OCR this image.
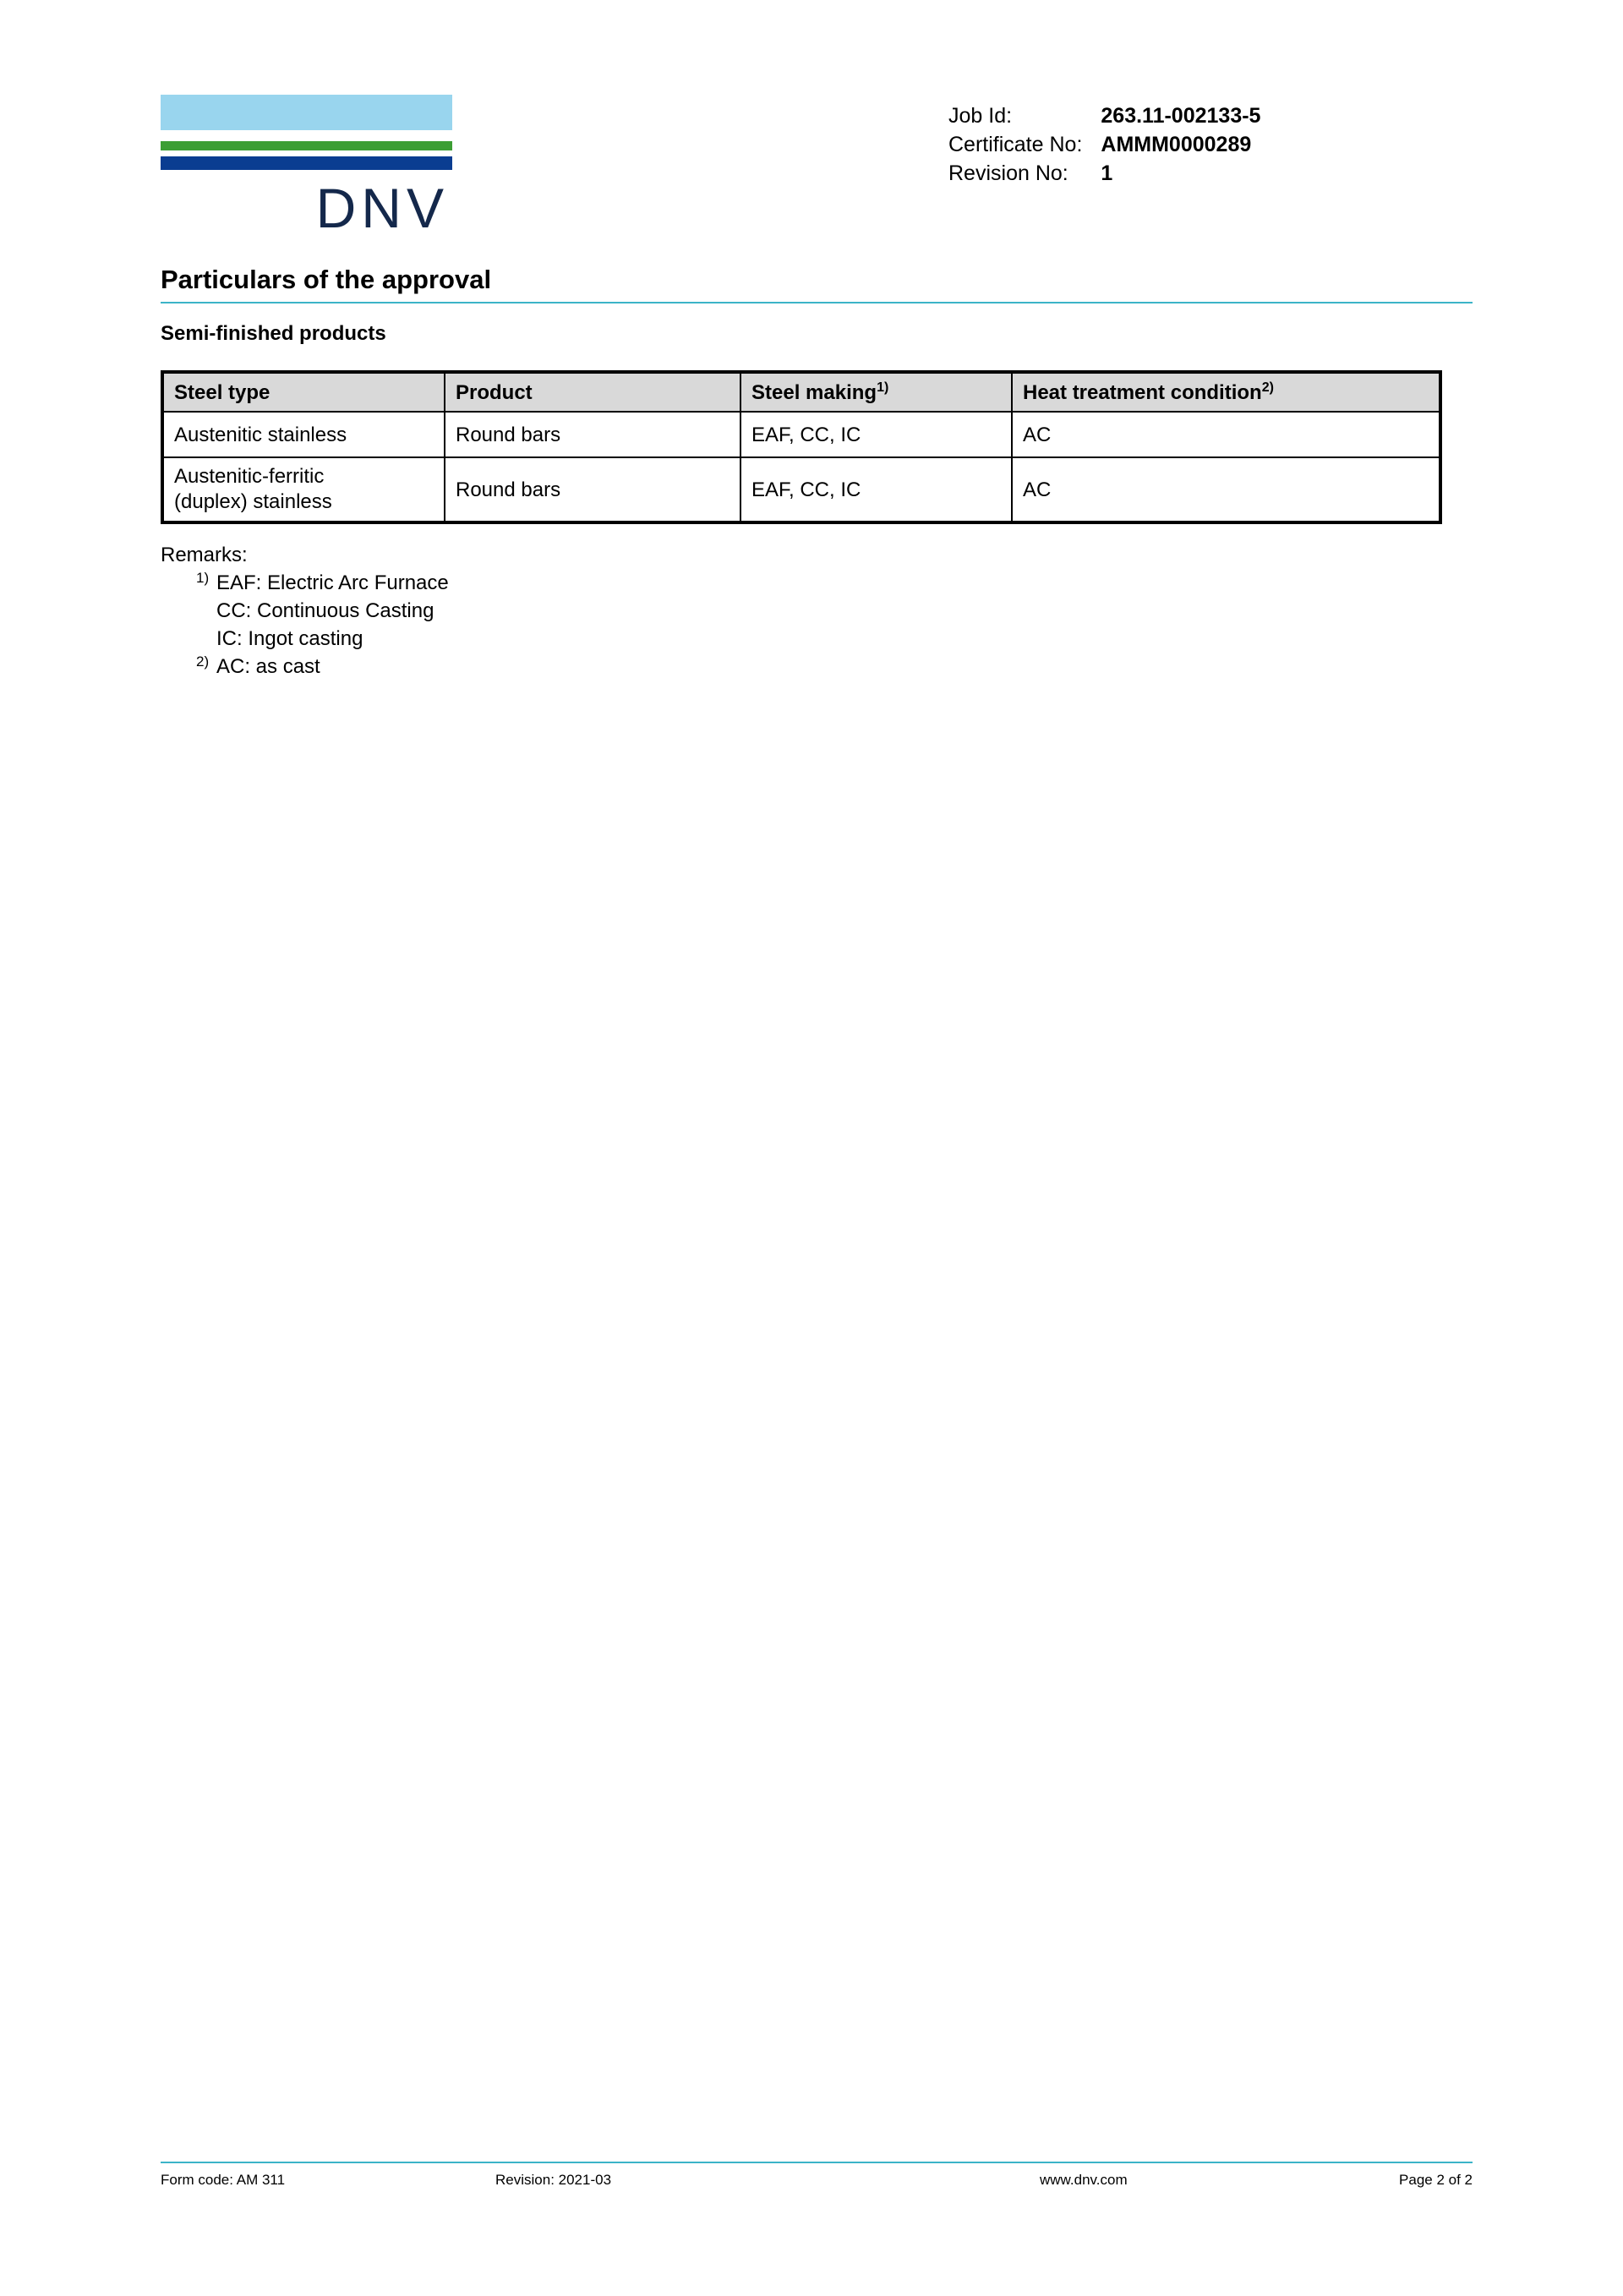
DNV
Job Id:	263.11-002133-5
Certificate No:	AMMM0000289
Revision No:	1
Particulars of the approval
Semi-finished products
Steel type	Product	Steel making$^{1)}$	Heat treatment condition$^{2)}$
Austenitic stainless	Round bars	EAF, CC, IC	AC
Austenitic-ferritic
(duplex) stainless	Round bars	EAF, CC, IC	AC
Remarks:
1) EAF: Electric Arc Furnace
CC: Continuous Casting
IC: Ingot casting
2) AC: as cast
Form code: AM 311	Revision: 2021-03	www.dnv.com	Page 2 of 2
